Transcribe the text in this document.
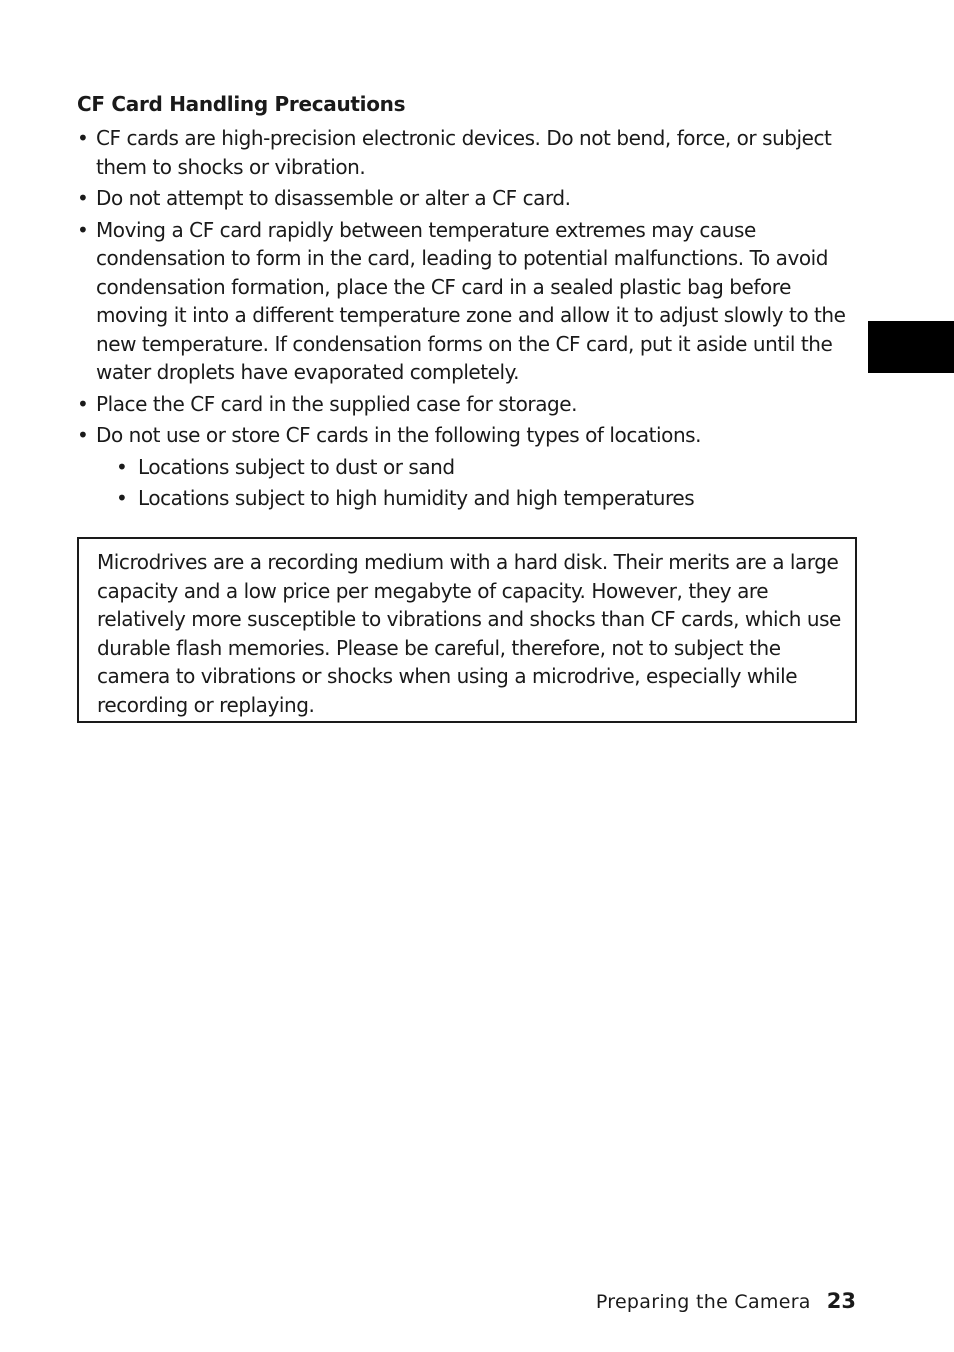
CF Card Handling Precautions
• CF cards are high-precision electronic devices. Do not bend, force, or subject them to shocks or vibration.
• Do not attempt to disassemble or alter a CF card.
• Moving a CF card rapidly between temperature extremes may cause condensation to form in the card, leading to potential malfunctions. To avoid condensation formation, place the CF card in a sealed plastic bag before moving it into a different temperature zone and allow it to adjust slowly to the new temperature. If condensation forms on the CF card, put it aside until the water droplets have evaporated completely.
• Place the CF card in the supplied case for storage.
• Do not use or store CF cards in the following types of locations.
• Locations subject to dust or sand
• Locations subject to high humidity and high temperatures

Microdrives are a recording medium with a hard disk. Their merits are a large capacity and a low price per megabyte of capacity. However, they are relatively more susceptible to vibrations and shocks than CF cards, which use durable flash memories. Please be careful, therefore, not to subject the camera to vibrations or shocks when using a microdrive, especially while recording or replaying.

Preparing the Camera 23
